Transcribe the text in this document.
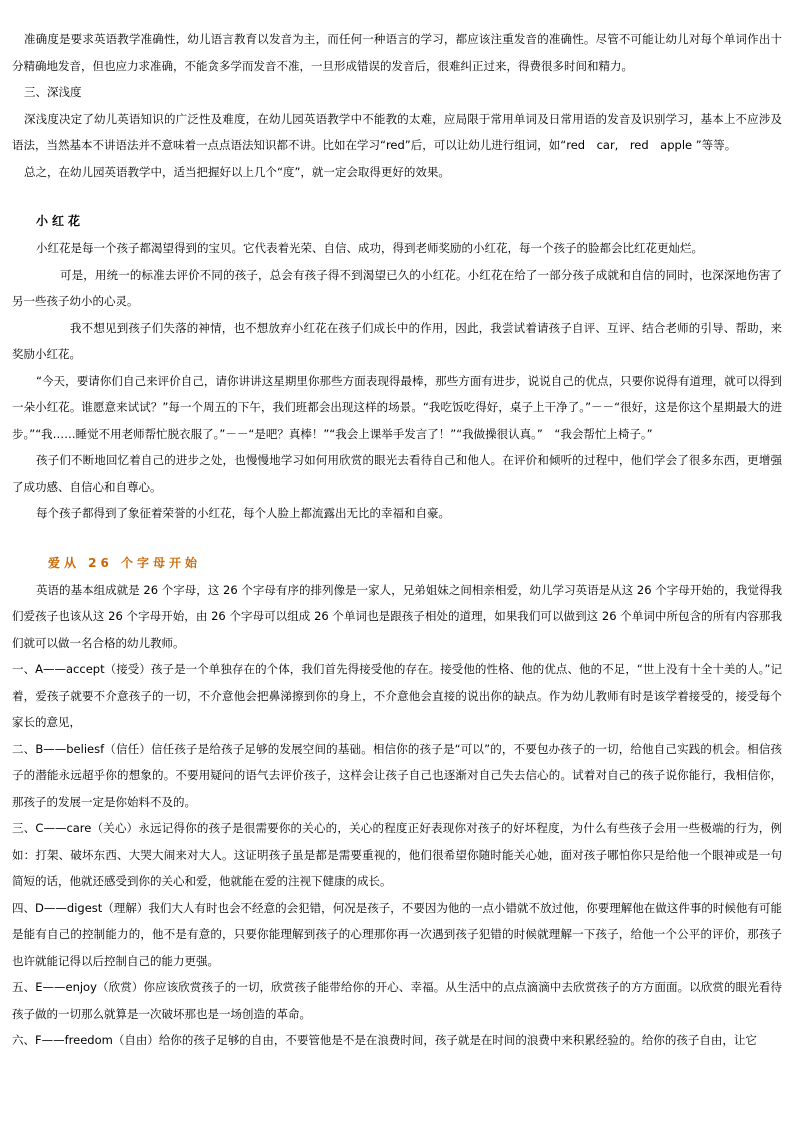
准确度是要求英语教学准确性，幼儿语言教育以发音为主，而任何一种语言的学习，都应该注重发音的准确性。尽管不可能让幼儿对每个单词作出十分精确地发音，但也应力求准确，不能贪多学而发音不准，一旦形成错误的发音后，很难纠正过来，得费很多时间和精力。

三、深浅度

深浅度决定了幼儿英语知识的广泛性及难度，在幼儿园英语教学中不能教的太难，应局限于常用单词及日常用语的发音及识别学习，基本上不应涉及语法，当然基本不讲语法并不意味着一点点语法知识都不讲。比如在学习“red”后，可以让幼儿进行组词，如“red　car,　red　apple ”等等。

总之，在幼儿园英语教学中，适当把握好以上几个“度”，就一定会取得更好的效果。

小红花

小红花是每一个孩子都渴望得到的宝贝。它代表着光荣、自信、成功，得到老师奖励的小红花，每一个孩子的脸都会比红花更灿烂。

可是，用统一的标准去评价不同的孩子，总会有孩子得不到渴望已久的小红花。小红花在给了一部分孩子成就和自信的同时，也深深地伤害了另一些孩子幼小的心灵。

我不想见到孩子们失落的神情，也不想放弃小红花在孩子们成长中的作用，因此，我尝试着请孩子自评、互评、结合老师的引导、帮助，来奖励小红花。

“今天，要请你们自己来评价自己，请你讲讲这星期里你那些方面表现得最棒，那些方面有进步，说说自己的优点，只要你说得有道理，就可以得到一朵小红花。谁愿意来试试？”每一个周五的下午，我们班都会出现这样的场景。“我吃饭吃得好，桌子上干净了。”－－“很好，这是你这个星期最大的进步。”“我……睡觉不用老师帮忙脱衣服了。”－－“是吧？真棒！”“我会上课举手发言了！”“我做操很认真。”　“我会帮忙上椅子。”

孩子们不断地回忆着自己的进步之处，也慢慢地学习如何用欣赏的眼光去看待自己和他人。在评价和倾听的过程中，他们学会了很多东西，更增强了成功感、自信心和自尊心。

每个孩子都得到了象征着荣誉的小红花，每个人脸上都流露出无比的幸福和自豪。

爱从 26 个字母开始

英语的基本组成就是 26 个字母，这 26 个字母有序的排列像是一家人，兄弟姐妹之间相亲相爱，幼儿学习英语是从这 26 个字母开始的，我觉得我们爱孩子也该从这 26 个字母开始，由 26 个字母可以组成 26 个单词也是跟孩子相处的道理，如果我们可以做到这 26 个单词中所包含的所有内容那我们就可以做一名合格的幼儿教师。

一、A——accept（接受）孩子是一个单独存在的个体，我们首先得接受他的存在。接受他的性格、他的优点、他的不足，“世上没有十全十美的人。”记着，爱孩子就要不介意孩子的一切，不介意他会把鼻涕擦到你的身上，不介意他会直接的说出你的缺点。作为幼儿教师有时是该学着接受的，接受每个家长的意见，

二、B——beliesf（信任）信任孩子是给孩子足够的发展空间的基础。相信你的孩子是“可以”的，不要包办孩子的一切，给他自己实践的机会。相信孩子的潜能永远超乎你的想象的。不要用疑问的语气去评价孩子，这样会让孩子自己也逐渐对自己失去信心的。试着对自己的孩子说你能行，我相信你，那孩子的发展一定是你始料不及的。

三、C——care（关心）永远记得你的孩子是很需要你的关心的，关心的程度正好表现你对孩子的好坏程度，为什么有些孩子会用一些极端的行为，例如：打架、破坏东西、大哭大闹来对大人。这证明孩子虽是都是需要重视的，他们很希望你随时能关心她，面对孩子哪怕你只是给他一个眼神或是一句简短的话，他就还感受到你的关心和爱，他就能在爱的注视下健康的成长。

四、D——digest（理解）我们大人有时也会不经意的会犯错，何况是孩子，不要因为他的一点小错就不放过他，你要理解他在做这件事的时候他有可能是能有自己的控制能力的，他不是有意的，只要你能理解到孩子的心理那你再一次遇到孩子犯错的时候就理解一下孩子，给他一个公平的评价，那孩子也许就能记得以后控制自己的能力更强。

五、E——enjoy（欣赏）你应该欣赏孩子的一切，欣赏孩子能带给你的开心、幸福。从生活中的点点滴滴中去欣赏孩子的方方面面。以欣赏的眼光看待孩子做的一切那么就算是一次破坏那也是一场创造的革命。

六、F——freedom（自由）给你的孩子足够的自由，不要管他是不是在浪费时间，孩子就是在时间的浪费中来积累经验的。给你的孩子自由，让它
